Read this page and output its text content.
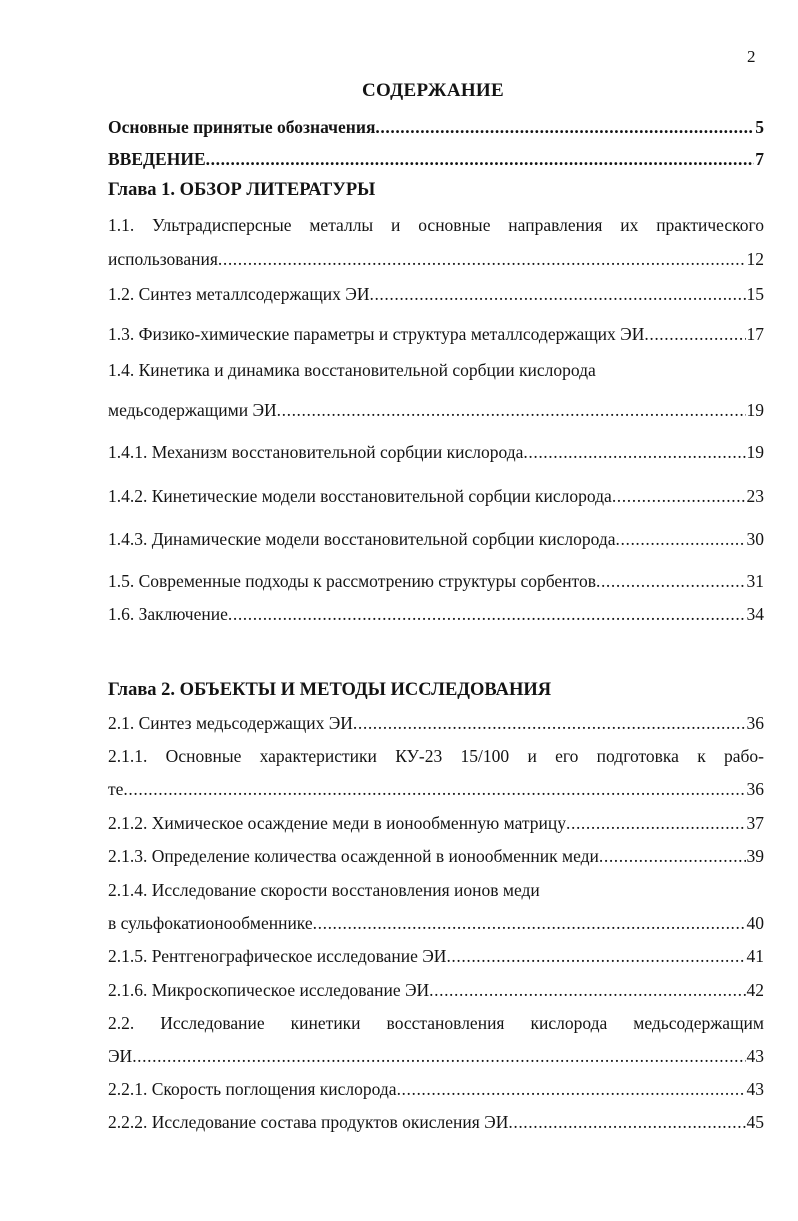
2
СОДЕРЖАНИЕ
Основные принятые обозначения .....	5
ВВЕДЕНИЕ .....	7
Глава 1. ОБЗОР ЛИТЕРАТУРЫ
1.1. Ультрадисперсные металлы и основные направления их практического
использования .....	12
1.2. Синтез металлсодержащих ЭИ .....	15
1.3. Физико-химические параметры и структура металлсодержащих ЭИ .....	17
1.4. Кинетика и динамика восстановительной сорбции кислорода
медьсодержащими ЭИ .....	19
1.4.1. Механизм восстановительной сорбции кислорода .....	19
1.4.2. Кинетические модели восстановительной сорбции кислорода .....	23
1.4.3. Динамические модели восстановительной сорбции кислорода .....	30
1.5. Современные подходы к рассмотрению структуры сорбентов .....	31
1.6. Заключение .....	34
Глава 2. ОБЪЕКТЫ И МЕТОДЫ ИССЛЕДОВАНИЯ
2.1. Синтез медьсодержащих ЭИ .....	36
2.1.1. Основные характеристики КУ-23 15/100 и его подготовка к рабо-
те .....	36
2.1.2. Химическое осаждение меди в ионообменную матрицу .....	37
2.1.3. Определение количества осажденной в ионообменник меди .....	39
2.1.4. Исследование скорости восстановления ионов меди
в сульфокатионообменнике .....	40
2.1.5. Рентгенографическое исследование ЭИ .....	41
2.1.6. Микроскопическое исследование ЭИ .....	42
2.2. Исследование кинетики восстановления кислорода медьсодержащим
ЭИ .....	43
2.2.1. Скорость поглощения кислорода .....	43
2.2.2. Исследование состава продуктов окисления ЭИ .....	45
